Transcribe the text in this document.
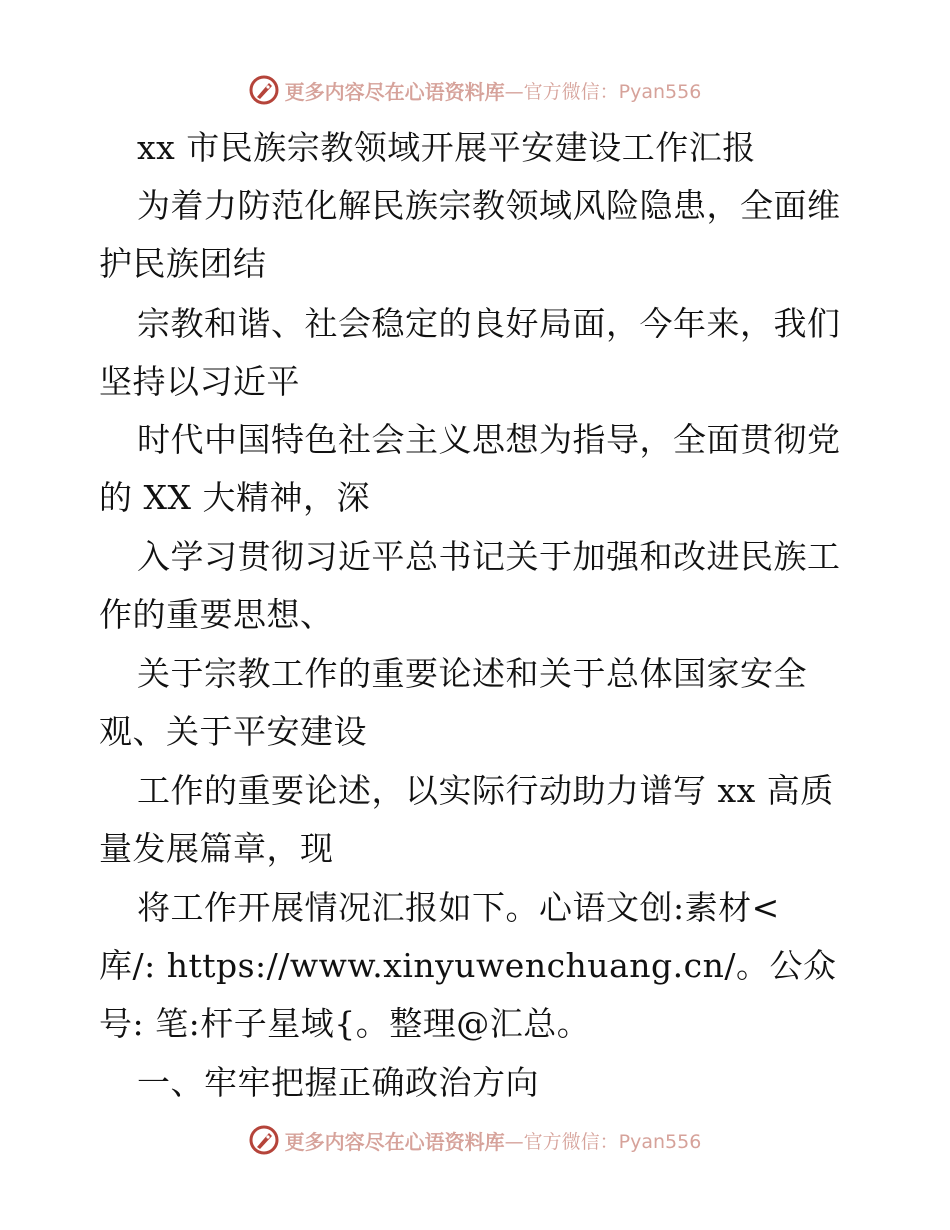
更多内容尽在心语资料库 —官方微信：Pyan556
xx 市民族宗教领域开展平安建设工作汇报
为着力防范化解民族宗教领域风险隐患，全面维
护民族团结
宗教和谐、社会稳定的良好局面，今年来，我们
坚持以习近平
时代中国特色社会主义思想为指导，全面贯彻党
的 XX 大精神，深
入学习贯彻习近平总书记关于加强和改进民族工
作的重要思想、
关于宗教工作的重要论述和关于总体国家安全
观、关于平安建设
工作的重要论述，以实际行动助力谱写 xx 高质
量发展篇章，现
将工作开展情况汇报如下。心语文创:素材<
库/: https://www.xinyuwenchuang.cn/。公众
号: 笔:杆子星域{。整理@汇总。
一、牢牢把握正确政治方向
更多内容尽在心语资料库 —官方微信：Pyan556
